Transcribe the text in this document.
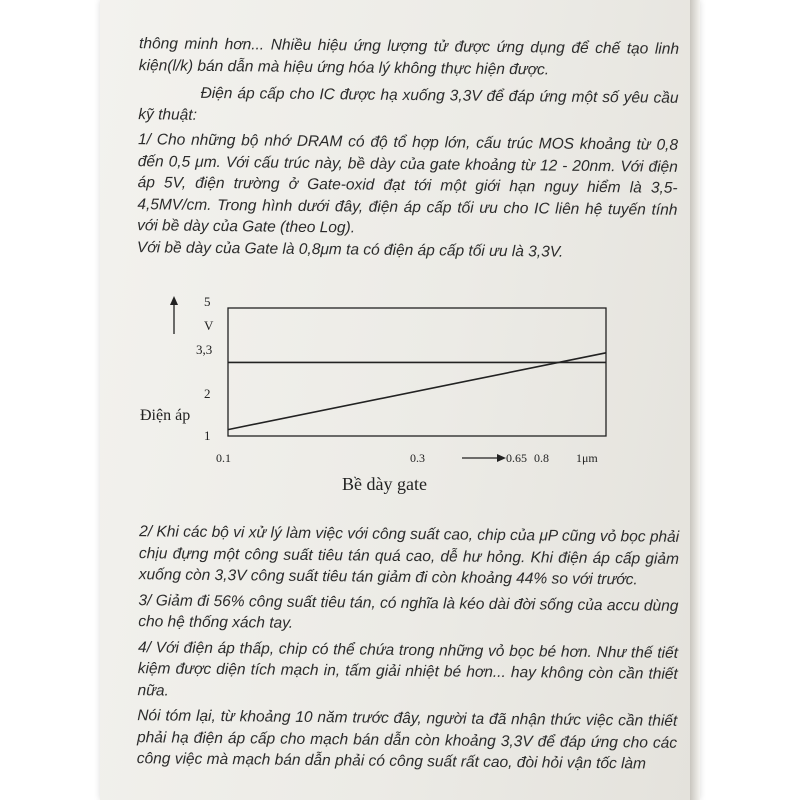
thông minh hơn... Nhiều hiệu ứng lượng tử được ứng dụng để chế tạo linh kiện(l/k) bán dẫn mà hiệu ứng hóa lý không thực hiện được.

Điện áp cấp cho IC được hạ xuống 3,3V để đáp ứng một số yêu cầu kỹ thuật:

1/ Cho những bộ nhớ DRAM có độ tổ hợp lớn, cấu trúc MOS khoảng từ 0,8 đến 0,5 μm. Với cấu trúc này, bề dày của gate khoảng từ 12 - 20nm. Với điện áp 5V, điện trường ở Gate-oxid đạt tới một giới hạn nguy hiểm là 3,5-4,5MV/cm. Trong hình dưới đây, điện áp cấp tối ưu cho IC liên hệ tuyến tính với bề dày của Gate (theo Log).

Với bề dày của Gate là 0,8μm ta có điện áp cấp tối ưu là 3,3V.

5
V
3,3
2
1
Điện áp
0.1	0.3	0.65 0.8 1μm
Bề dày gate

2/ Khi các bộ vi xử lý làm việc với công suất cao, chip của μP cũng vỏ bọc phải chịu đựng một công suất tiêu tán quá cao, dễ hư hỏng. Khi điện áp cấp giảm xuống còn 3,3V công suất tiêu tán giảm đi còn khoảng 44% so với trước.

3/ Giảm đi 56% công suất tiêu tán, có nghĩa là kéo dài đời sống của accu dùng cho hệ thống xách tay.

4/ Với điện áp thấp, chip có thể chứa trong những vỏ bọc bé hơn. Như thế tiết kiệm được diện tích mạch in, tấm giải nhiệt bé hơn... hay không còn cần thiết nữa.

Nói tóm lại, từ khoảng 10 năm trước đây, người ta đã nhận thức việc cần thiết phải hạ điện áp cấp cho mạch bán dẫn còn khoảng 3,3V để đáp ứng cho các công việc mà mạch bán dẫn phải có công suất rất cao, đòi hỏi vận tốc làm
